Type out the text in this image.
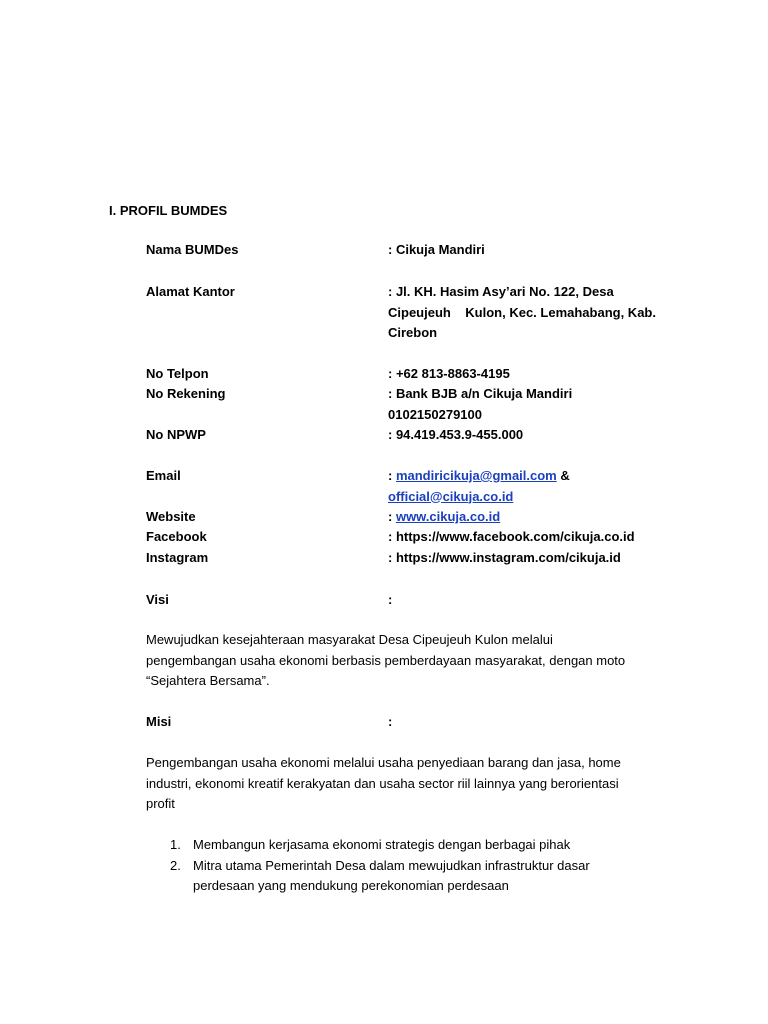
I. PROFIL BUMDES
Nama BUMDes	: Cikuja Mandiri
Alamat Kantor	: Jl. KH. Hasim Asy’ari No. 122, Desa
Cipeujeuh    Kulon, Kec. Lemahabang, Kab.
Cirebon
No Telpon	: +62 813-8863-4195
No Rekening	: Bank BJB a/n Cikuja Mandiri
0102150279100
No NPWP	: 94.419.453.9-455.000
Email	: mandiricikuja@gmail.com &
official@cikuja.co.id
Website	: www.cikuja.co.id
Facebook	: https://www.facebook.com/cikuja.co.id
Instagram	: https://www.instagram.com/cikuja.id
Visi	:
Mewujudkan kesejahteraan masyarakat Desa Cipeujeuh Kulon melalui
pengembangan usaha ekonomi berbasis pemberdayaan masyarakat, dengan moto
“Sejahtera Bersama”.
Misi	:
Pengembangan usaha ekonomi melalui usaha penyediaan barang dan jasa, home
industri, ekonomi kreatif kerakyatan dan usaha sector riil lainnya yang berorientasi
profit
1. Membangun kerjasama ekonomi strategis dengan berbagai pihak
2. Mitra utama Pemerintah Desa dalam mewujudkan infrastruktur dasar
perdesaan yang mendukung perekonomian perdesaan
